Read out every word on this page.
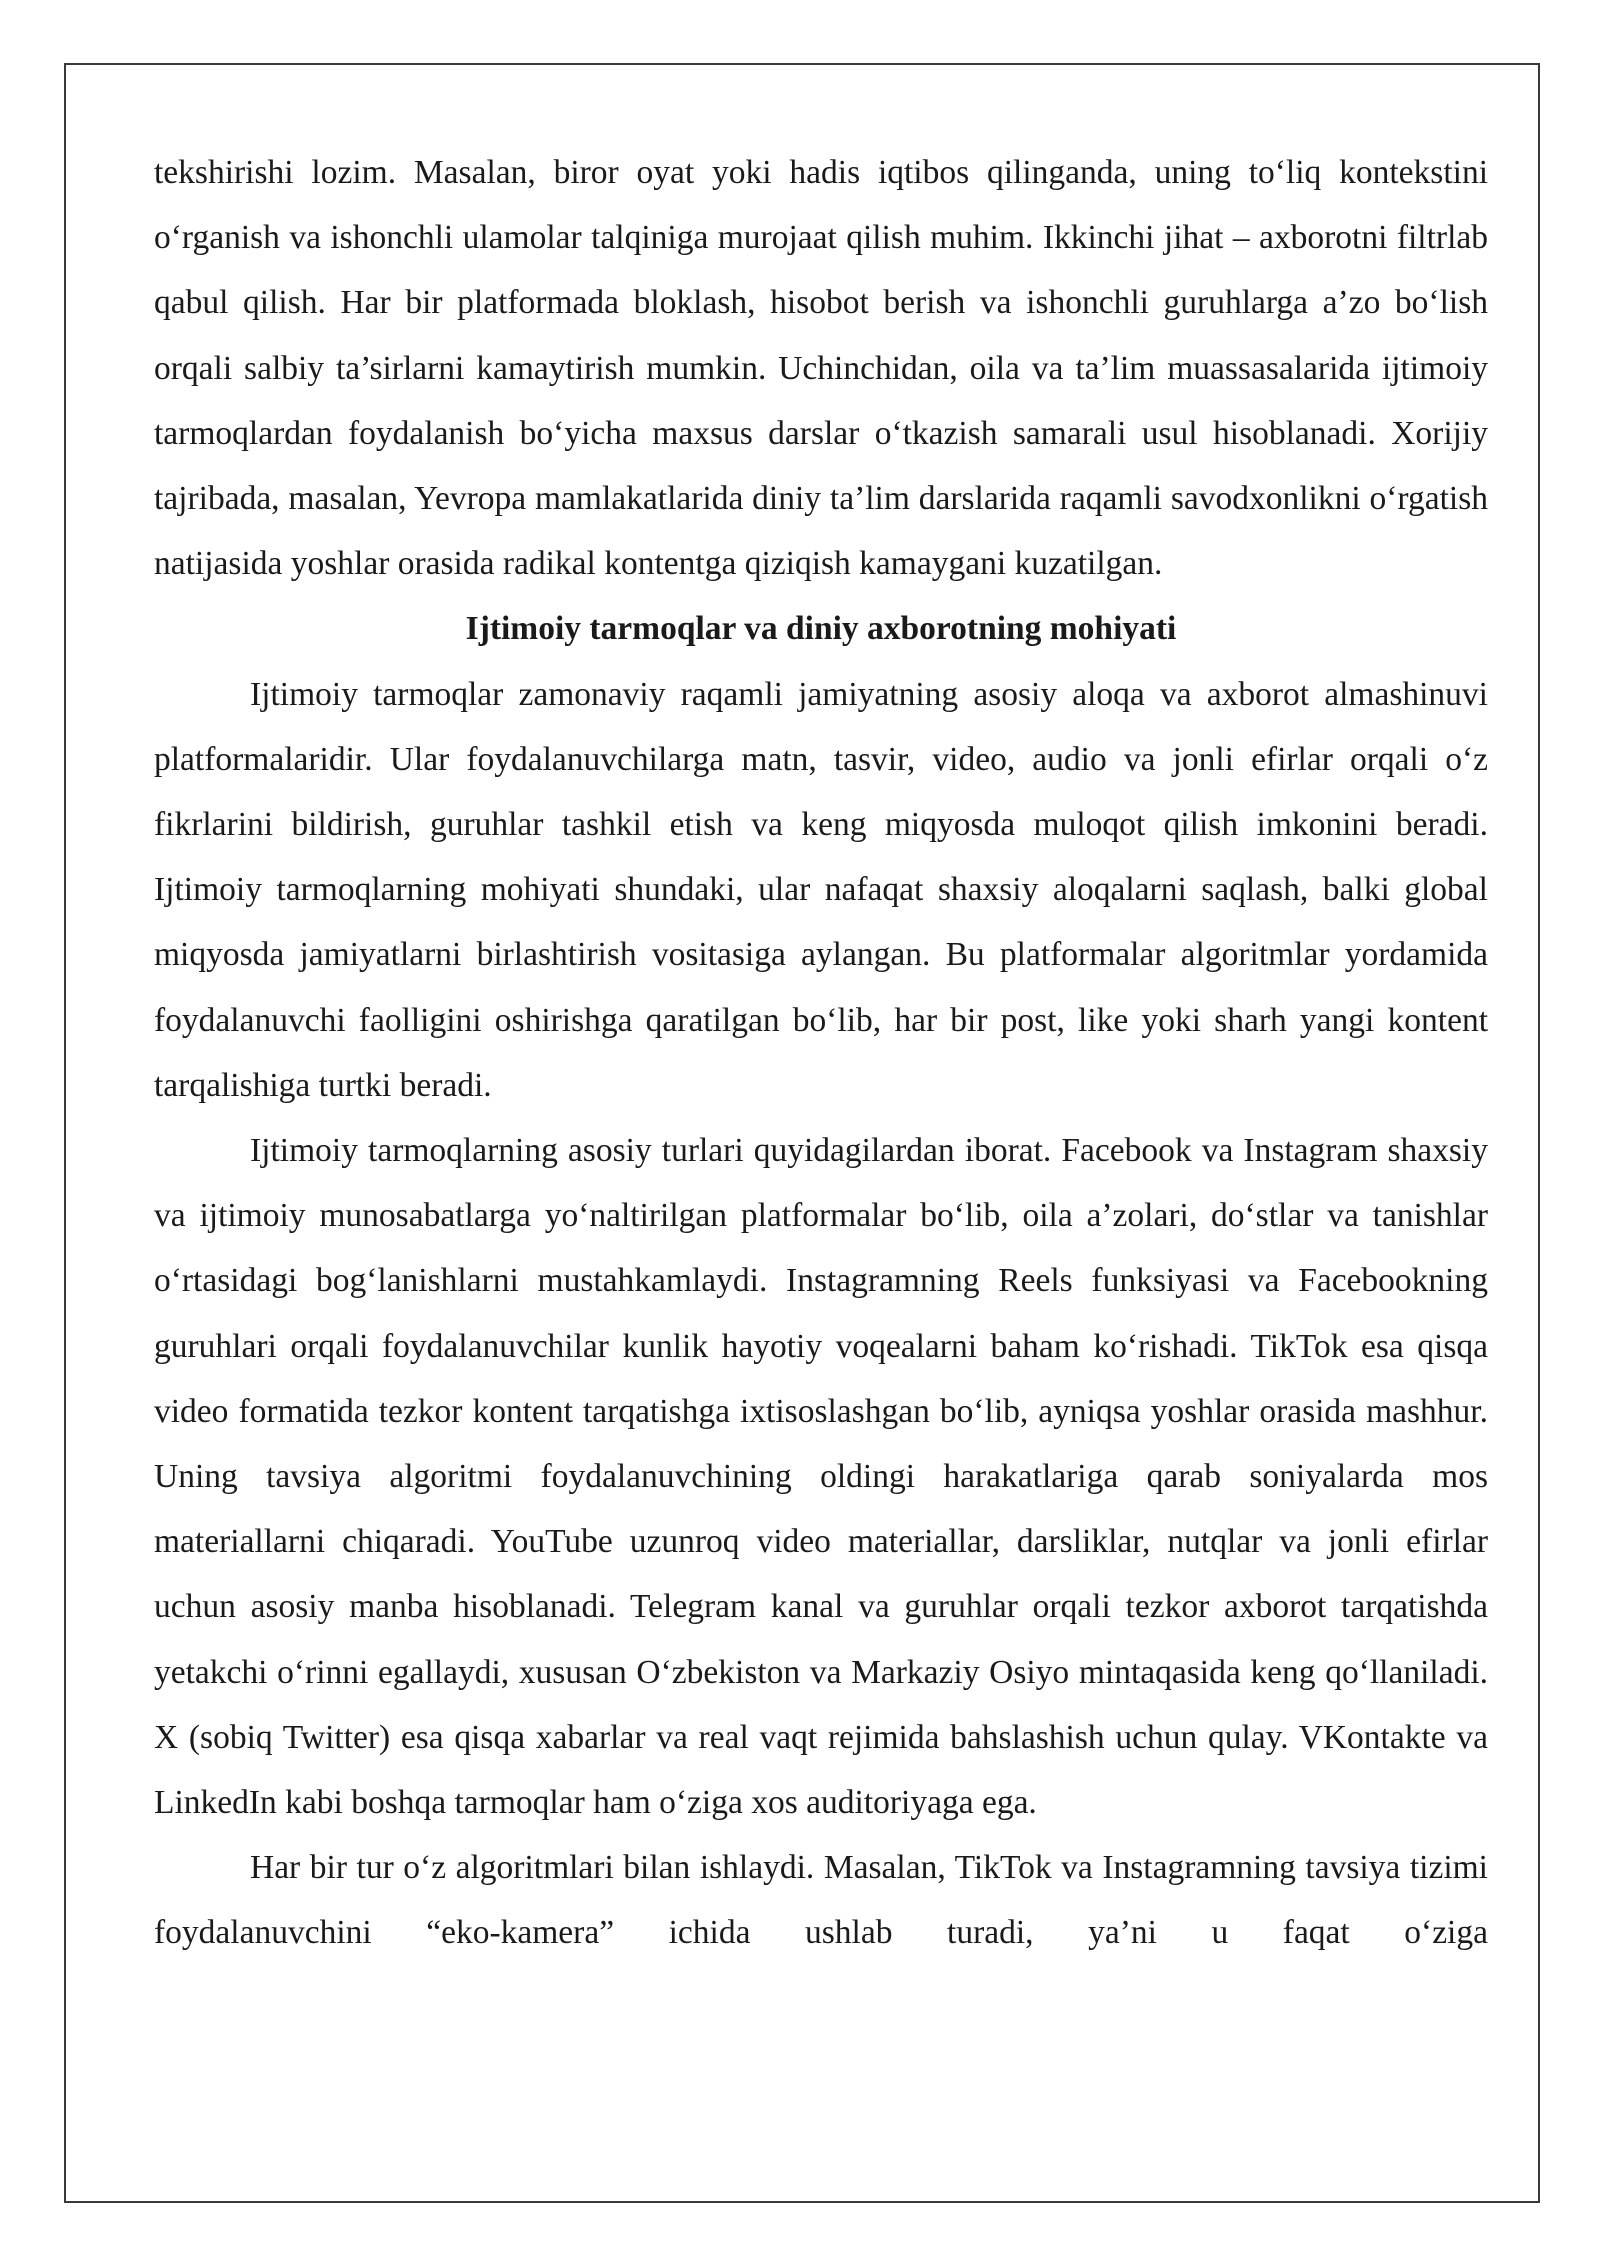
tekshirishi lozim. Masalan, biror oyat yoki hadis iqtibos qilinganda, uning to‘liq kontekstini o‘rganish va ishonchli ulamolar talqiniga murojaat qilish muhim. Ikkinchi jihat – axborotni filtrlab qabul qilish. Har bir platformada bloklash, hisobot berish va ishonchli guruhlarga a’zo bo‘lish orqali salbiy ta’sirlarni kamaytirish mumkin. Uchinchidan, oila va ta’lim muassasalarida ijtimoiy tarmoqlardan foydalanish bo‘yicha maxsus darslar o‘tkazish samarali usul hisoblanadi. Xorijiy tajribada, masalan, Yevropa mamlakatlarida diniy ta’lim darslarida raqamli savodxonlikni o‘rgatish natijasida yoshlar orasida radikal kontentga qiziqish kamaygani kuzatilgan.

Ijtimoiy tarmoqlar va diniy axborotning mohiyati

Ijtimoiy tarmoqlar zamonaviy raqamli jamiyatning asosiy aloqa va axborot almashinuvi platformalaridir. Ular foydalanuvchilarga matn, tasvir, video, audio va jonli efirlar orqali o‘z fikrlarini bildirish, guruhlar tashkil etish va keng miqyosda muloqot qilish imkonini beradi. Ijtimoiy tarmoqlarning mohiyati shundaki, ular nafaqat shaxsiy aloqalarni saqlash, balki global miqyosda jamiyatlarni birlashtirish vositasiga aylangan. Bu platformalar algoritmlar yordamida foydalanuvchi faolligini oshirishga qaratilgan bo‘lib, har bir post, like yoki sharh yangi kontent tarqalishiga turtki beradi.

Ijtimoiy tarmoqlarning asosiy turlari quyidagilardan iborat. Facebook va Instagram shaxsiy va ijtimoiy munosabatlarga yo‘naltirilgan platformalar bo‘lib, oila a’zolari, do‘stlar va tanishlar o‘rtasidagi bog‘lanishlarni mustahkamlaydi. Instagramning Reels funksiyasi va Facebookning guruhlari orqali foydalanuvchilar kunlik hayotiy voqealarni baham ko‘rishadi. TikTok esa qisqa video formatida tezkor kontent tarqatishga ixtisoslashgan bo‘lib, ayniqsa yoshlar orasida mashhur. Uning tavsiya algoritmi foydalanuvchining oldingi harakatlariga qarab soniyalarda mos materiallarni chiqaradi. YouTube uzunroq video materiallar, darsliklar, nutqlar va jonli efirlar uchun asosiy manba hisoblanadi. Telegram kanal va guruhlar orqali tezkor axborot tarqatishda yetakchi o‘rinni egallaydi, xususan O‘zbekiston va Markaziy Osiyo mintaqasida keng qo‘llaniladi. X (sobiq Twitter) esa qisqa xabarlar va real vaqt rejimida bahslashish uchun qulay. VKontakte va LinkedIn kabi boshqa tarmoqlar ham o‘ziga xos auditoriyaga ega.

Har bir tur o‘z algoritmlari bilan ishlaydi. Masalan, TikTok va Instagramning tavsiya tizimi foydalanuvchini “eko-kamera” ichida ushlab turadi, ya’ni u faqat o‘ziga
